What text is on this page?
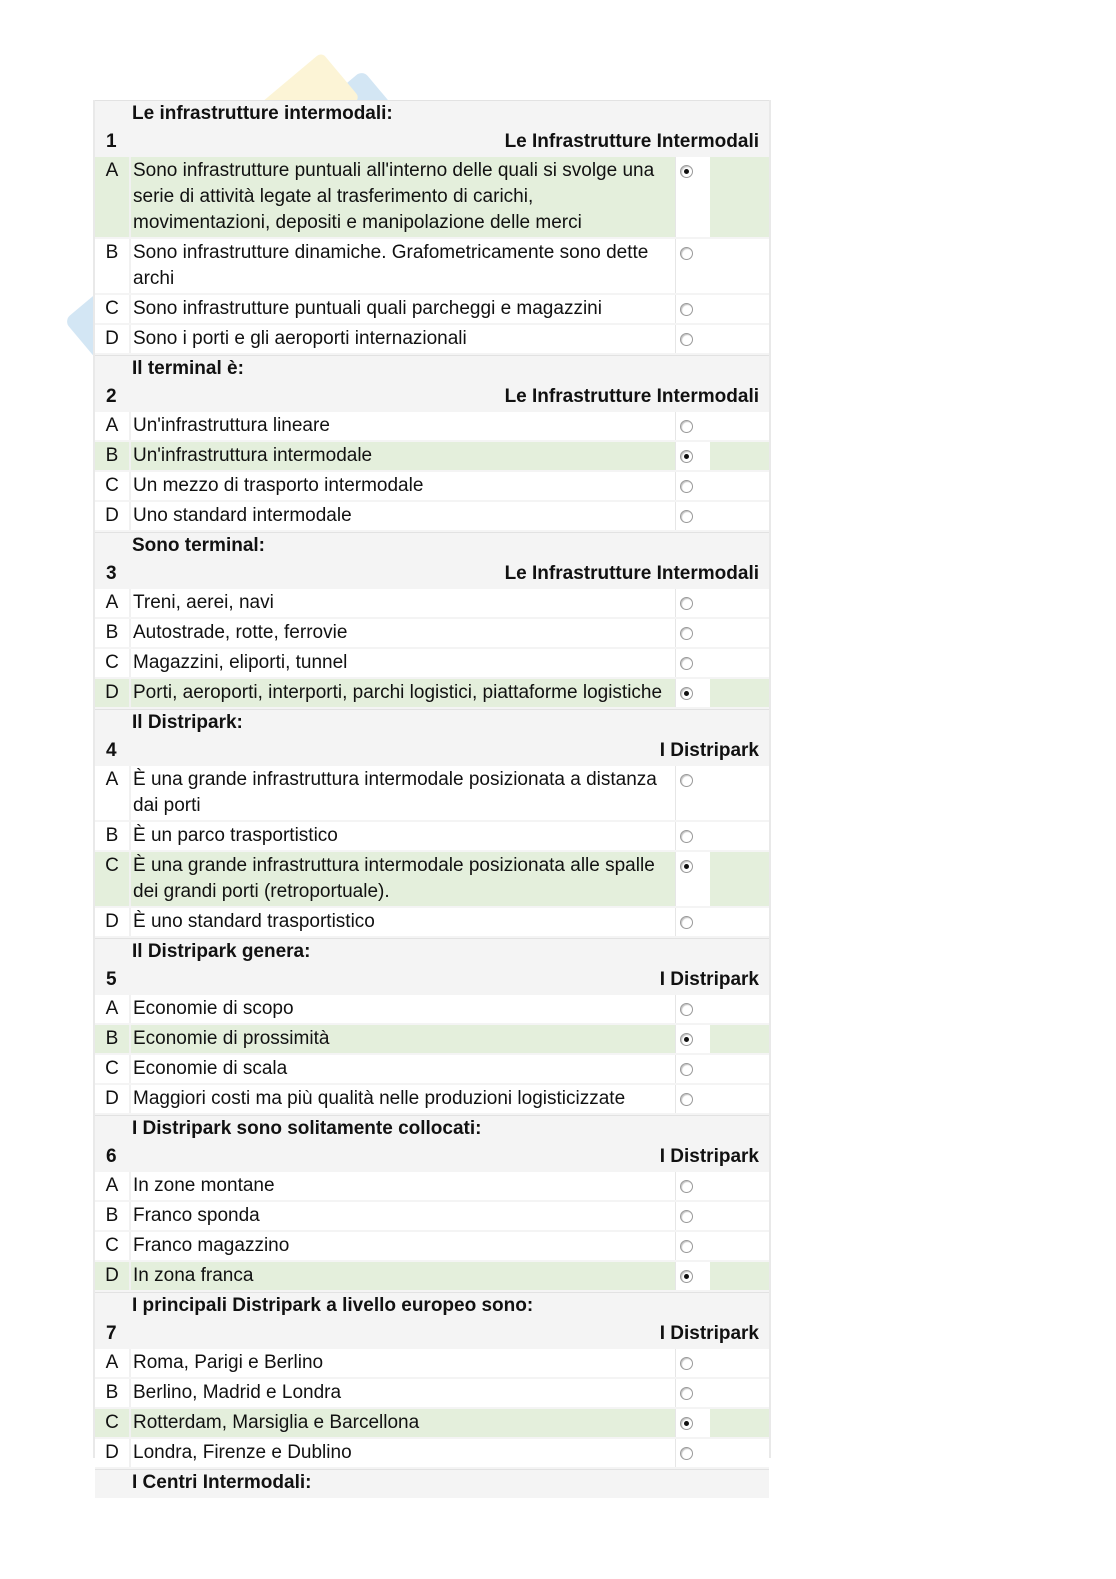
1
Le infrastrutture intermodali:
Le Infrastrutture Intermodali
A Sono infrastrutture puntuali all'interno delle quali si svolge una serie di attività legate al trasferimento di carichi, movimentazioni, depositi e manipolazione delle merci
B Sono infrastrutture dinamiche. Grafometricamente sono dette archi
C Sono infrastrutture puntuali quali parcheggi e magazzini
D Sono i porti e gli aeroporti internazionali
2
Il terminal è:
Le Infrastrutture Intermodali
A Un'infrastruttura lineare
B Un'infrastruttura intermodale
C Un mezzo di trasporto intermodale
D Uno standard intermodale
3
Sono terminal:
Le Infrastrutture Intermodali
A Treni, aerei, navi
B Autostrade, rotte, ferrovie
C Magazzini, eliporti, tunnel
D Porti, aeroporti, interporti, parchi logistici, piattaforme logistiche
4
Il Distripark:
I Distripark
A È una grande infrastruttura intermodale posizionata a distanza dai porti
B È un parco trasportistico
C È una grande infrastruttura intermodale posizionata alle spalle dei grandi porti (retroportuale).
D È uno standard trasportistico
5
Il Distripark genera:
I Distripark
A Economie di scopo
B Economie di prossimità
C Economie di scala
D Maggiori costi ma più qualità nelle produzioni logisticizzate
6
I Distripark sono solitamente collocati:
I Distripark
A In zone montane
B Franco sponda
C Franco magazzino
D In zona franca
7
I principali Distripark a livello europeo sono:
I Distripark
A Roma, Parigi e Berlino
B Berlino, Madrid e Londra
C Rotterdam, Marsiglia e Barcellona
D Londra, Firenze e Dublino
I Centri Intermodali:
